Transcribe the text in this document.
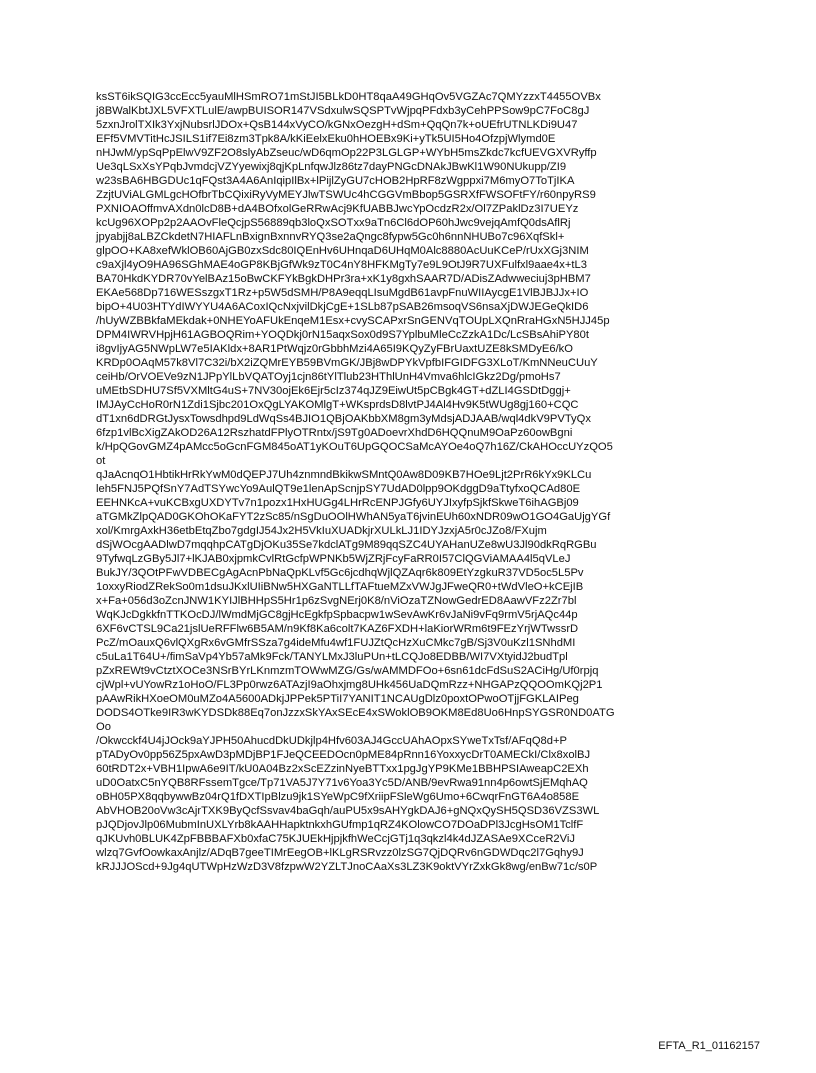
ksST6ikSQIG3ccEcc5yauMlHSmRO71mStJI5BLkD0HT8qaA49GHqOv5VGZAc7QMYzzxT4455OVBx
j8BWalKbtJXL5VFXTLulE/awpBUISOR147VSdxulwSQSPTvWjpqPFdxb3yCehPPSow9pC7FoC8gJ
5zxnJrolTXIk3YxjNubsrlJDOx+QsB144xVyCO/kGNxOezgH+dSm+QqQn7k+oUEfrUTNLKDi9U47
EFf5VMVTitHcJSILS1if7Ei8zm3Tpk8A/kKiEelxEku0hHOEBx9Ki+yTk5UI5Ho4OfzpjWlymd0E
nHJwM/ypSqPpElwV9ZF2O8slyAbZseuc/wD6qmOp22P3LGLGP+WYbH5msZkdc7kcfUEVGXVRyffp
Ue3qLSxXsYPqbJvmdcjVZYyewixj8qjKpLnfqwJlz86tz7dayPNGcDNAkJBwKl1W90NUkupp/ZI9
w23sBA6HBGDUc1qFQst3A4A6AnIqipIlBx+lPijlZyGU7cHOB2HpRF8zWgppxi7M6myO7ToTjIKA
ZzjtUViALGMLgcHOfbrTbCQixiRyVyMEYJlwTSWUc4hCGGVmBbop5GSRXfFWSOFtFY/r60npyRS9
PXNIOAOffmvAXdn0lcD8B+dA4BOfxolGeRRwAcj9KfUABBJwcYpOcdzR2x/Ol7ZPaklDz3I7UEYz
kcUg96XOPp2p2AAOvFleQcjpS56889qb3loQxSOTxx9aTn6Cl6dOP60hJwc9vejqAmfQ0dsAflRj
jpyabjj8aLBZCkdetN7HIAFLnBxignBxnnvRYQ3se2aQngc8fypw5Gc0h6nnNHUBo7c96XqfSkl+
glpOO+KA8xefWklOB60AjGB0zxSdc80IQEnHv6UHnqaD6UHqM0Alc8880AcUuKCeP/rUxXGj3NIM
c9aXjl4yO9HA96SGhMAE4oGP8KBjGfWk9zT0C4nY8HFKMgTy7e9L9OtJ9R7UXFulfxl9aae4x+tL3
BA70HkdKYDR70vYelBAz15oBwCKFYkBgkDHPr3ra+xK1y8gxhSAAR7D/ADisZAdwweciuj3pHBM7
EKAe568Dp716WESszgxT1Rz+p5W5dSMH/P8A9eqqLIsuMgdB61avpFnuWIIAycgE1VlBJBJJx+IO
bipO+4U03HTYdIWYYU4A6ACoxIQcNxjvilDkjCgE+1SLb87pSAB26msoqVS6nsaXjDWJEGeQkID6
/hUyWZBBkfaMEkdak+0NHEYoAFUkEnqeM1Esx+cvySCAPxrSnGENVqTOUpLXQnRraHGxN5HJJ45p
DPM4IWRVHpjH61AGBOQRim+YOQDkj0rN15aqxSox0d9S7YplbuMleCcZzkA1Dc/LcSBsAhiPY80t
i8gvIjyAG5NWpLW7e5IAKldx+8AR1PtWqjz0rGbbhMzi4A65I9KQyZyFBrUaxtUZE8kSMDyE6/kO
KRDp0OAqM57k8Vl7C32i/bX2iZQMrEYB59BVmGK/JBj8wDPYkVpfbIFGIDFG3XLoT/KmNNeuCUuY
ceiHb/OrVOEVe9zN1JPpYlLbVQATOyj1cjn86tYlTlub23HThlUnH4Vmva6hlcIGkz2Dg/pmoHs7
uMEtbSDHU7Sf5VXMltG4uS+7NV30ojEk6Ejr5cIz374qJZ9EiwUt5pCBgk4GT+dZLI4GSDtDggj+
IMJAyCcHoR0rN1Zdi1Sjbc201OxQgLYAKOMlgT+WKsprdsD8lvtPJ4Al4Hv9K5tWUg8gj160+CQC
dT1xn6dDRGtJysxTowsdhpd9LdWqSs4BJIO1QBjOAKbbXM8gm3yMdsjADJAAB/wql4dkV9PVTyQx
6fzp1vlBcXigZAkOD26A12RszhatdFPlyOTRntx/jS9Tg0ADoevrXhdD6HQQnuM9OaPz60owBgni
k/HpQGovGMZ4pAMcc5oGcnFGM845oAT1yKOuT6UpGQOCSaMcAYOe4oQ7h16Z/CkAHOccUYzQO5
ot
qJaAcnqO1HbtikHrRkYwM0dQEPJ7Uh4znmndBkikwSMntQ0Aw8D09KB7HOe9Ljt2PrR6kYx9KLCu
leh5FNJ5PQfSnY7AdTSYwcYo9AulQT9e1lenApScnjpSY7UdAD0lpp9OKdggD9aTtyfxoQCAd80E
EEHNKcA+vuKCBxgUXDYTv7n1pozx1HxHUGg4LHrRcENPJGfy6UYJIxyfpSjkfSkweT6ihAGBj09
aTGMkZlpQAD0GKOhOKaFYT2zSc85/nSgDuOOlHWhAN5yaT6jvinEUh60xNDR09wO1GO4GaUjgYGf
xol/KmrgAxkH36etbEtqZbo7gdgIJ54Jx2H5VkIuXUADkjrXULkLJ1IDYJzxjA5r0cJZo8/FXujm
dSjWOcgAADlwD7mqqhpCATgDjOKu35Se7kdclATg9M89qqSZC4UYAHanUZe8wU3Jl90dkRqRGBu
9TyfwqLzGBy5Jl7+lKJAB0xjpmkCvlRtGcfpWPNKb5WjZRjFcyFaRR0I57ClQGViAMAA4l5qVLeJ
BukJY/3QOtPFwVDBECgAgAcnPbNaQpKLvf5Gc6jcdhqWjlQZAqr6k809EtYzgkuR37VD5oc5L5Pv
1oxxyRiodZRekSo0m1dsuJKxlUIiBNw5HXGaNTLLfTAFtueMZxVWJgJFweQR0+tWdVleO+kCEjIB
x+Fa+056d3oZcnJNW1KYIJlBHHpS5Hr1p6zSvgNErj0K8/nViOzaTZNowGedrED8AawVFz2Zr7bl
WqKJcDgkkfnTTKOcDJ/lWmdMjGC8gjHcEgkfpSpbacpw1wSevAwKr6vJaNi9vFq9rmV5rjAQc44p
6XF6vCTSL9Ca21jslUeRFFlw6B5AM/n9Kf8Ka6colt7KAZ6FXDH+laKiorWRm6t9FEzYrjWTwssrD
PcZ/mOauxQ6vlQXgRx6vGMfrSSza7g4ideMfu4wf1FUJZtQcHzXuCMkc7gB/Sj3V0uKzl1SNhdMI
c5uLa1T64U+/fimSaVp4Yb57aMk9Fck/TANYLMxJ3luPUn+tLCQJo8EDBB/WI7VXtyidJ2budTpl
pZxREWt9vCtztXOCe3NSrBYrLKnmzmTOWwMZG/Gs/wAMMDFOo+6sn61dcFdSuS2ACiHg/Uf0rpjq
cjWpl+vUYowRz1oHoO/FL3Pp0rwz6ATAzjI9aOhxjmg8UHk456UaDQmRzz+NHGAPzQQOOmKQj2P1
pAAwRikHXoeOM0uMZo4A5600ADkjJPPek5PTiI7YANIT1NCAUgDlz0poxtOPwoOTjjFGKLAIPeg
DODS4OTke9IR3wKYDSDk88Eq7onJzzxSkYAxSEcE4xSWoklOB9OKM8Ed8Uo6HnpSYGSR0ND0ATG
Oo
/Okwcckf4U4jJOck9aYJPH50AhucdDkUDkjlp4Hfv603AJ4GccUAhAOpxSYweTxTsf/AFqQ8d+P
pTADyOv0pp56Z5pxAwD3pMDjBP1FJeQCEEDOcn0pME84pRnn16YoxxycDrT0AMECkI/Clx8xolBJ
60tRDT2x+VBH1IpwA6e9IT/kU0A04Bz2xScEZzinNyeBTTxx1pgJgYP9KMe1BBHPSIAweapC2EXh
uD0OatxC5nYQB8RFssemTgce/Tp71VA5J7Y71v6Yoa3Yc5D/ANB/9evRwa91nn4p6owtSjEMqhAQ
oBH05PX8qqbywwBz04rQ1fDXTIpBlzu9jk1SYeWpC9fXriipFSleWg6Umo+6CwqrFnGT6A4o858E
AbVHOB20oVw3cAjrTXK9ByQcfSsvav4baGqh/auPU5x9sAHYgkDAJ6+gNQxQySH5QSD36VZS3WL
pJQDjovJlp06MubmInUXLYrb8kAAHHapktnkxhGUfmp1qRZ4KOlowCO7DOaDPl3JcgHsOM1TclfF
qJKUvh0BLUK4ZpFBBBAFXb0xfaC75KJUEkHjpjkfhWeCcjGTj1q3qkzl4k4dJZASAe9XCceR2ViJ
wlzq7GvfOowkaxAnjlz/ADqB7geeTIMrEegOB+lKLgRSRvzz0lzSG7QjDQRv6nGDWDqc2l7Gqhy9J
kRJJJOScd+9Jg4qUTWpHzWzD3V8fzpwW2YZLTJnoCAaXs3LZ3K9oktVYrZxkGk8wg/enBw71c/s0P
EFTA_R1_01162157
